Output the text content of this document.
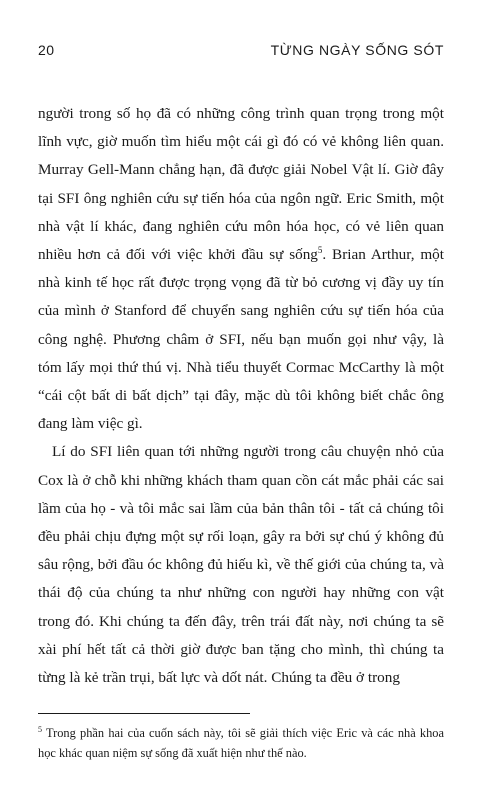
20	TỪNG NGÀY SỐNG SÓT

người trong số họ đã có những công trình quan trọng trong một lĩnh vực, giờ muốn tìm hiểu một cái gì đó có vẻ không liên quan. Murray Gell-Mann chẳng hạn, đã được giải Nobel Vật lí. Giờ đây tại SFI ông nghiên cứu sự tiến hóa của ngôn ngữ. Eric Smith, một nhà vật lí khác, đang nghiên cứu môn hóa học, có vẻ liên quan nhiều hơn cả đối với việc khởi đầu sự sống$^5$. Brian Arthur, một nhà kinh tế học rất được trọng vọng đã từ bỏ cương vị đầy uy tín của mình ở Stanford để chuyển sang nghiên cứu sự tiến hóa của công nghệ. Phương châm ở SFI, nếu bạn muốn gọi như vậy, là tóm lấy mọi thứ thú vị. Nhà tiểu thuyết Cormac McCarthy là một “cái cột bất di bất dịch” tại đây, mặc dù tôi không biết chắc ông đang làm việc gì.

Lí do SFI liên quan tới những người trong câu chuyện nhỏ của Cox là ở chỗ khi những khách tham quan cồn cát mắc phải các sai lầm của họ - và tôi mắc sai lầm của bản thân tôi - tất cả chúng tôi đều phải chịu đựng một sự rối loạn, gây ra bởi sự chú ý không đủ sâu rộng, bởi đầu óc không đủ hiếu kì, về thế giới của chúng ta, và thái độ của chúng ta như những con người hay những con vật trong đó. Khi chúng ta đến đây, trên trái đất này, nơi chúng ta sẽ xài phí hết tất cả thời giờ được ban tặng cho mình, thì chúng ta từng là kẻ trần trụi, bất lực và dốt nát. Chúng ta đều ở trong

$^5$ Trong phần hai của cuốn sách này, tôi sẽ giải thích việc Eric và các nhà khoa học khác quan niệm sự sống đã xuất hiện như thế nào.
